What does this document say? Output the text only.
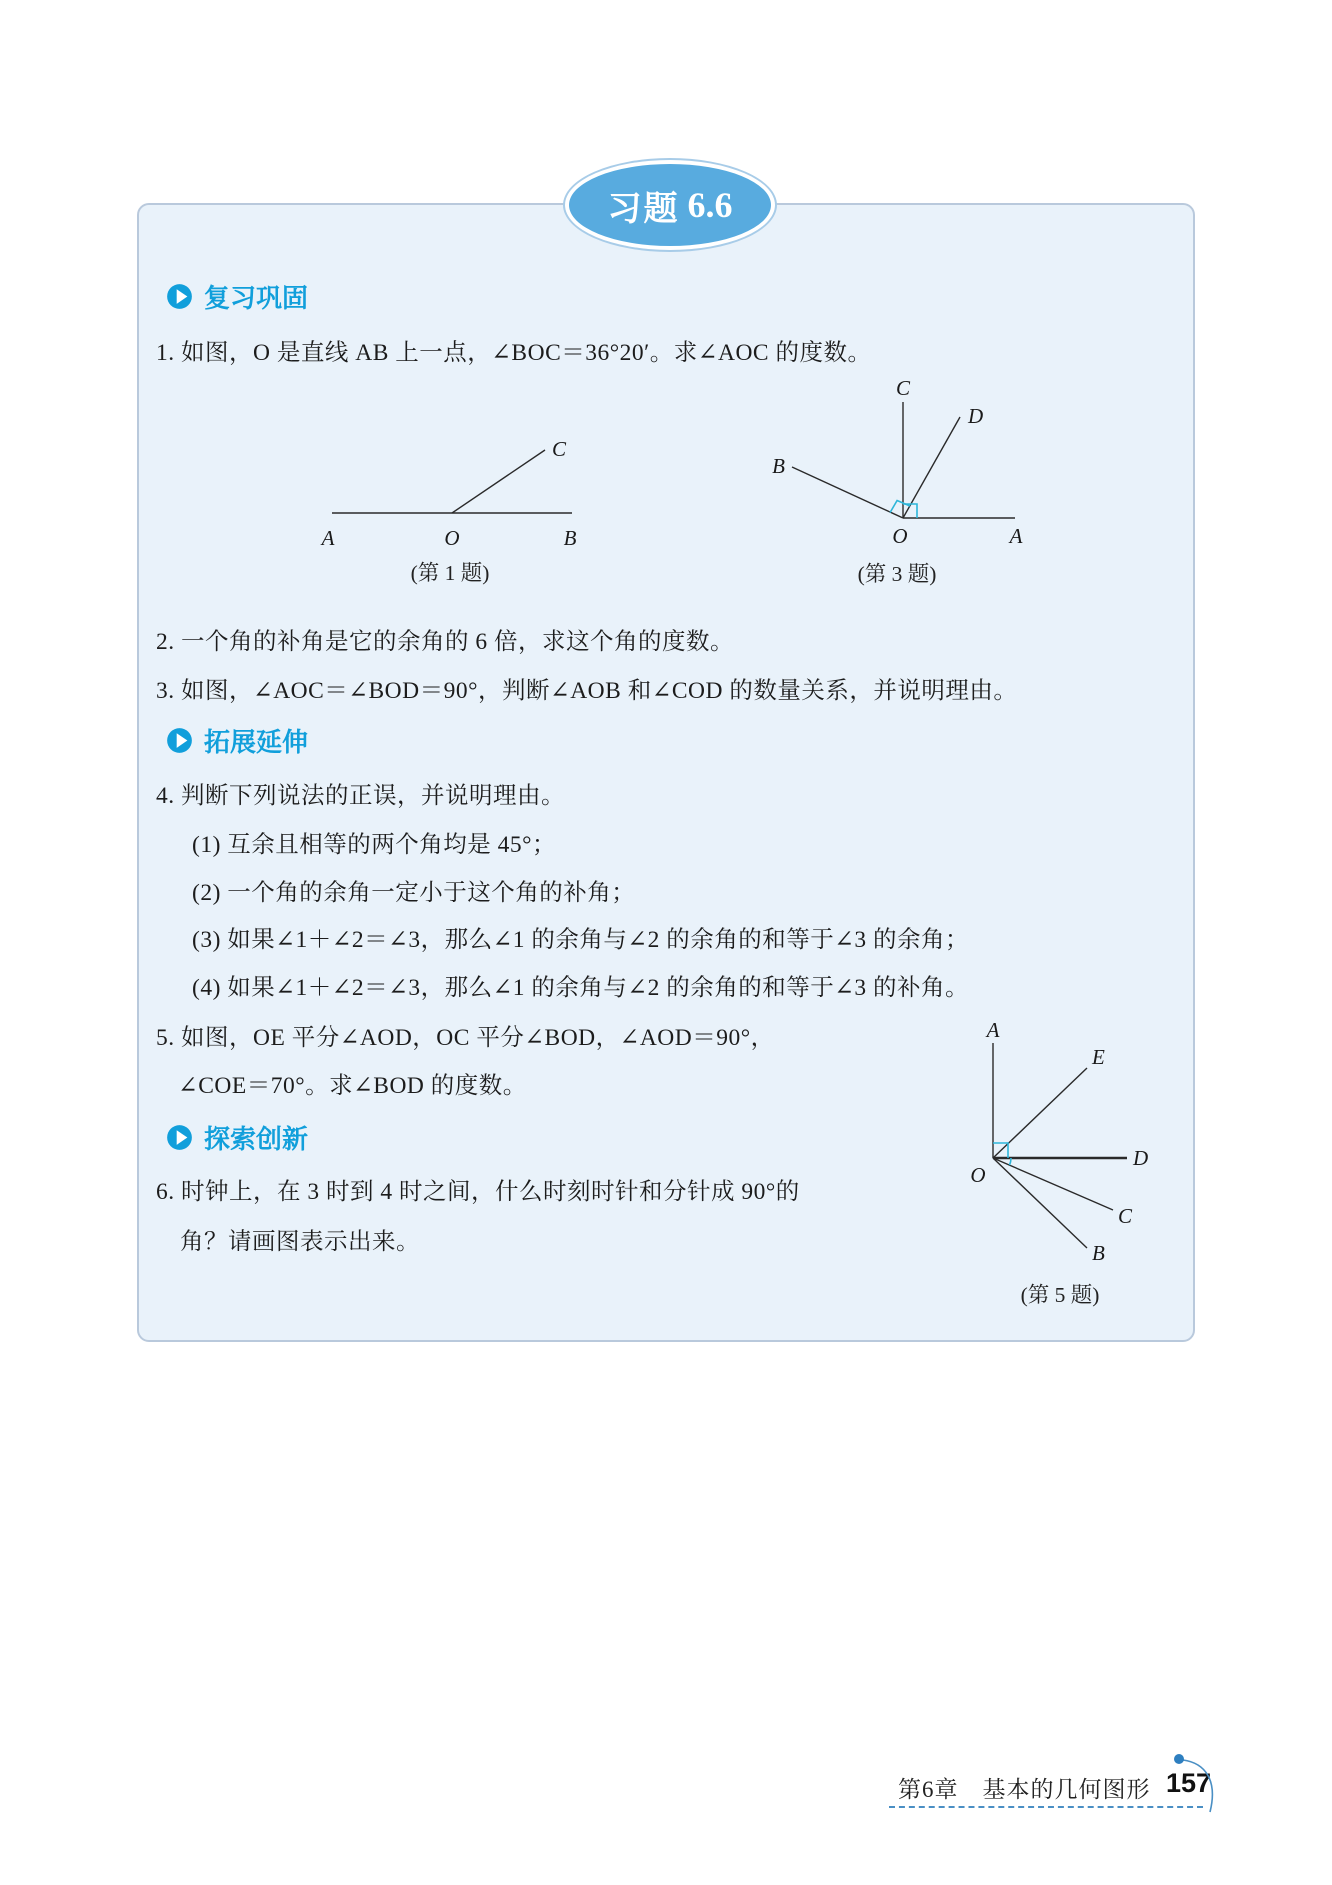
习题 6.6
复习巩固
1. 如图，O 是直线 AB 上一点，∠BOC＝36°20′。求∠AOC 的度数。
A	O	B
C
(第 1 题)
C
D
B
A
O
(第 3 题)
2. 一个角的补角是它的余角的 6 倍，求这个角的度数。
3. 如图，∠AOC＝∠BOD＝90°，判断∠AOB 和∠COD 的数量关系，并说明理由。
拓展延伸
4. 判断下列说法的正误，并说明理由。
(1) 互余且相等的两个角均是 45°；
(2) 一个角的余角一定小于这个角的补角；
(3) 如果∠1＋∠2＝∠3，那么∠1 的余角与∠2 的余角的和等于∠3 的余角；
(4) 如果∠1＋∠2＝∠3，那么∠1 的余角与∠2 的余角的和等于∠3 的补角。
5. 如图，OE 平分∠AOD，OC 平分∠BOD，∠AOD＝90°，
∠COE＝70°。求∠BOD 的度数。
A
E
D
C
B
O
(第 5 题)
探索创新
6. 时钟上，在 3 时到 4 时之间，什么时刻时针和分针成 90°的
角？请画图表示出来。
第6章　 基本的几何图形 157
